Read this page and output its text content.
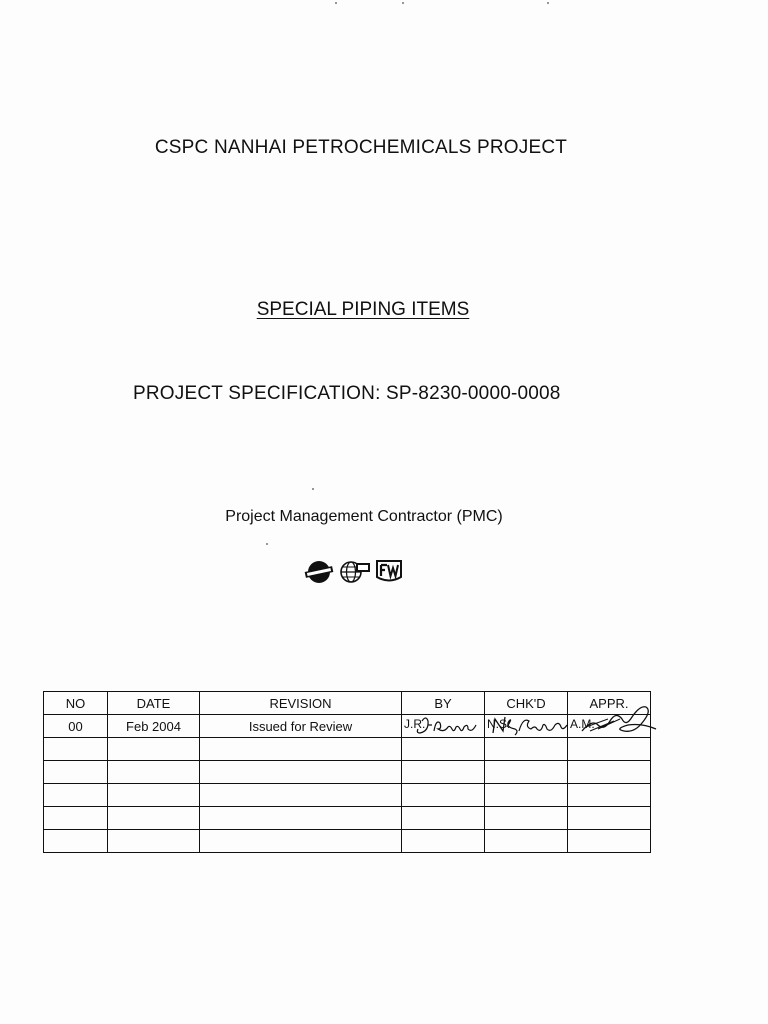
CSPC NANHAI PETROCHEMICALS PROJECT
SPECIAL PIPING ITEMS
PROJECT SPECIFICATION: SP-8230-0000-0008
Project Management Contractor (PMC)
NO	DATE	REVISION	BY	CHK'D	APPR.
00	Feb 2004	Issued for Review	J.R.	N.S.	A.M.
